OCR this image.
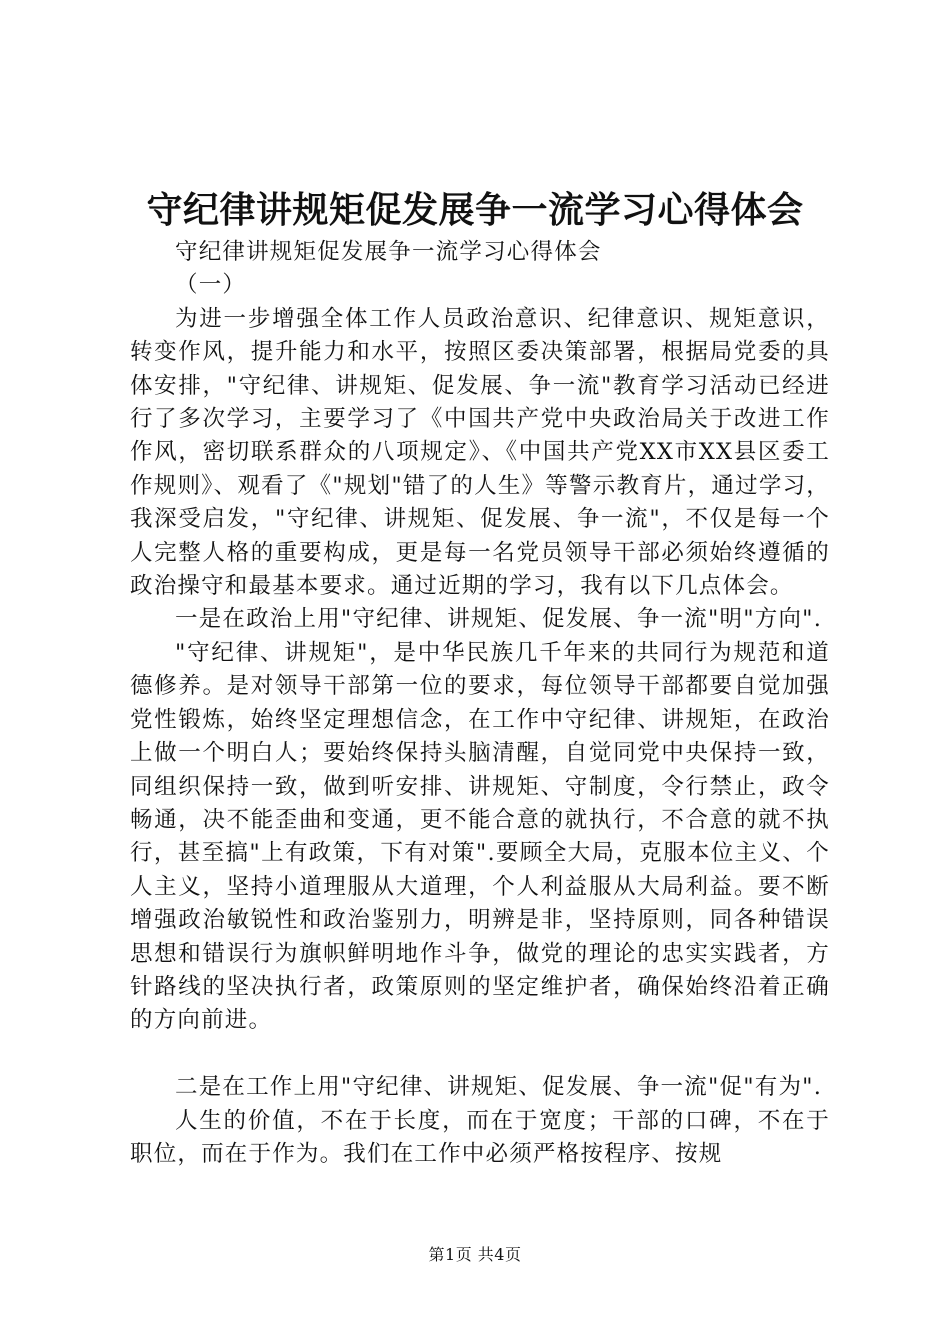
守纪律讲规矩促发展争一流学习心得体会

守纪律讲规矩促发展争一流学习心得体会

（一）

为进一步增强全体工作人员政治意识、纪律意识、规矩意识，转变作风，提升能力和水平，按照区委决策部署，根据局党委的具体安排，"守纪律、讲规矩、促发展、争一流"教育学习活动已经进行了多次学习，主要学习了《中国共产党中央政治局关于改进工作作风，密切联系群众的八项规定》、《中国共产党XX市XX县区委工作规则》、观看了《"规划"错了的人生》等警示教育片，通过学习，我深受启发，"守纪律、讲规矩、促发展、争一流"，不仅是每一个人完整人格的重要构成，更是每一名党员领导干部必须始终遵循的政治操守和最基本要求。通过近期的学习，我有以下几点体会。

一是在政治上用"守纪律、讲规矩、促发展、争一流"明"方向".

"守纪律、讲规矩"，是中华民族几千年来的共同行为规范和道德修养。是对领导干部第一位的要求，每位领导干部都要自觉加强党性锻炼，始终坚定理想信念，在工作中守纪律、讲规矩，在政治上做一个明白人；要始终保持头脑清醒，自觉同党中央保持一致，同组织保持一致，做到听安排、讲规矩、守制度，令行禁止，政令畅通，决不能歪曲和变通，更不能合意的就执行，不合意的就不执行，甚至搞"上有政策，下有对策".要顾全大局，克服本位主义、个人主义，坚持小道理服从大道理，个人利益服从大局利益。要不断增强政治敏锐性和政治鉴别力，明辨是非，坚持原则，同各种错误思想和错误行为旗帜鲜明地作斗争，做党的理论的忠实实践者，方针路线的坚决执行者，政策原则的坚定维护者，确保始终沿着正确的方向前进。

二是在工作上用"守纪律、讲规矩、促发展、争一流"促"有为".

人生的价值，不在于长度，而在于宽度；干部的口碑，不在于职位，而在于作为。我们在工作中必须严格按程序、按规

第1页 共4页
